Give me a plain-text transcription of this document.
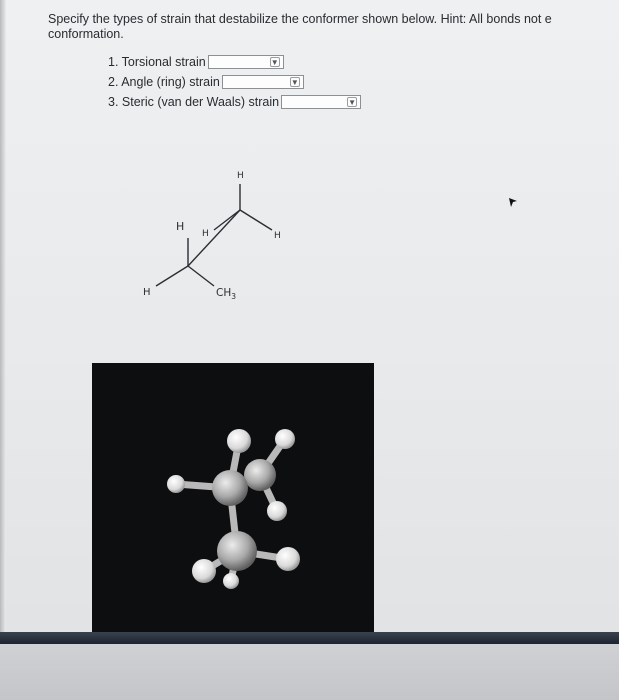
Specify the types of strain that destabilize the conformer shown below. Hint: All bonds not e
conformation.
1. Torsional strain	▼
2. Angle (ring) strain	▼
3. Steric (van der Waals) strain	▼
H
H
H
H
H	$CH_3$
